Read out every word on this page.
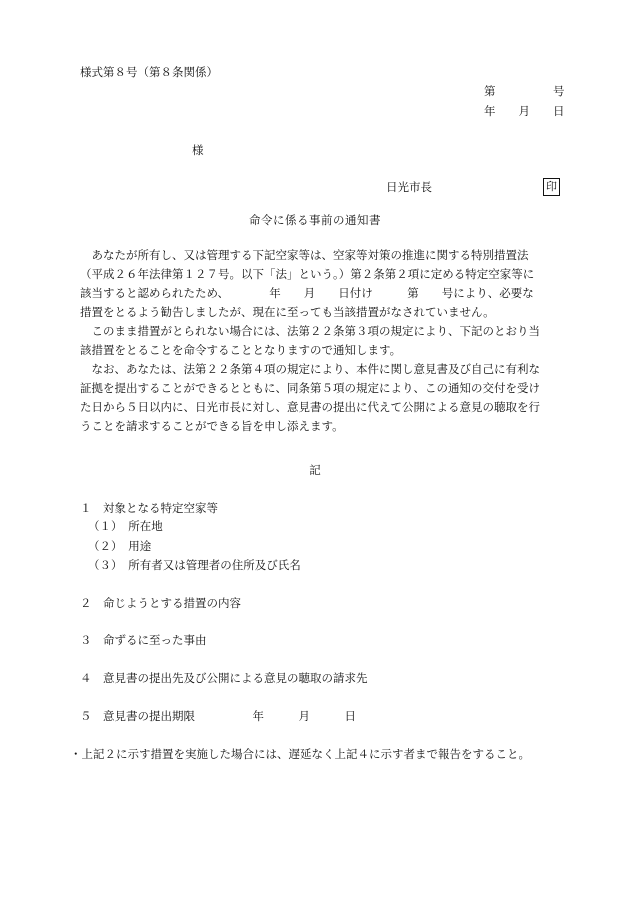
様式第８号（第８条関係）
第　　　　　号
年　　月　　日
様
日光市長	印
命令に係る事前の通知書
　あなたが所有し、又は管理する下記空家等は、空家等対策の推進に関する特別措置法
（平成２６年法律第１２７号。以下「法」という。）第２条第２項に定める特定空家等に
該当すると認められたため、　　　　年　　月　　日付け　　　第　　号により、必要な
措置をとるよう勧告しましたが、現在に至っても当該措置がなされていません。
　このまま措置がとられない場合には、法第２２条第３項の規定により、下記のとおり当
該措置をとることを命令することとなりますので通知します。
　なお、あなたは、法第２２条第４項の規定により、本件に関し意見書及び自己に有利な
証拠を提出することができるとともに、同条第５項の規定により、この通知の交付を受け
た日から５日以内に、日光市長に対し、意見書の提出に代えて公開による意見の聴取を行
うことを請求することができる旨を申し添えます。
記
１　対象となる特定空家等
（１）　所在地
（２）　用途
（３）　所有者又は管理者の住所及び氏名
２　命じようとする措置の内容
３　命ずるに至った事由
４　意見書の提出先及び公開による意見の聴取の請求先
５　意見書の提出期限　　　　　年　　　月　　　日
・上記２に示す措置を実施した場合には、遅延なく上記４に示す者まで報告をすること。
